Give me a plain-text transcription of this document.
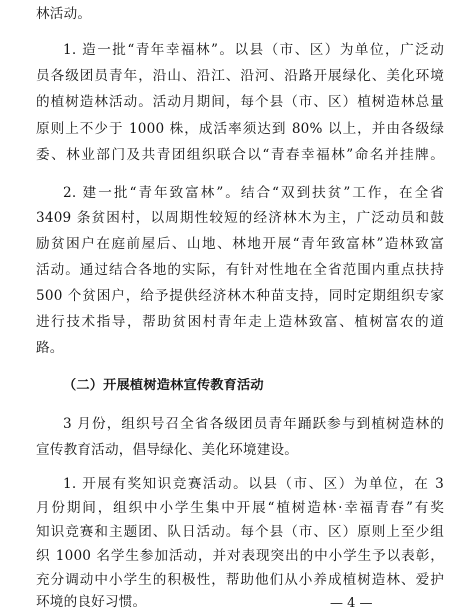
林活动。
1. 造一批“青年幸福林”。以县（市、区）为单位，广泛动
员各级团员青年，沿山、沿江、沿河、沿路开展绿化、美化环境
的植树造林活动。活动月期间，每个县（市、区）植树造林总量
原则上不少于 1000 株，成活率须达到 80% 以上，并由各级绿
委、林业部门及共青团组织联合以“青春幸福林”命名并挂牌。
2. 建一批“青年致富林”。结合“双到扶贫”工作，在全省
3409 条贫困村，以周期性较短的经济林木为主，广泛动员和鼓
励贫困户在庭前屋后、山地、林地开展“青年致富林”造林致富
活动。通过结合各地的实际，有针对性地在全省范围内重点扶持
500 个贫困户，给予提供经济林木种苗支持，同时定期组织专家
进行技术指导，帮助贫困村青年走上造林致富、植树富农的道
路。
（二）开展植树造林宣传教育活动
3 月份，组织号召全省各级团员青年踊跃参与到植树造林的
宣传教育活动，倡导绿化、美化环境建设。
1. 开展有奖知识竞赛活动。以县（市、区）为单位，在 3
月份期间，组织中小学生集中开展“植树造林·幸福青春”有奖
知识竞赛和主题团、队日活动。每个县（市、区）原则上至少组
织 1000 名学生参加活动，并对表现突出的中小学生予以表彰，
充分调动中小学生的积极性，帮助他们从小养成植树造林、爱护
环境的良好习惯。	— 4 —
